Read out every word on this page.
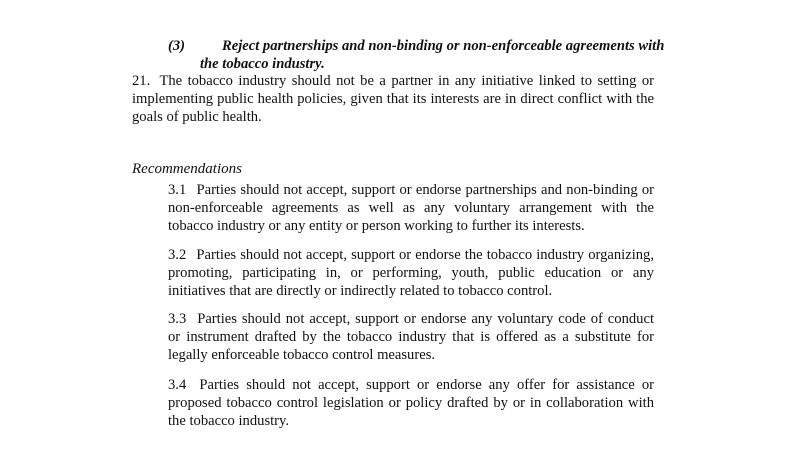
(3)	Reject partnerships and non-binding or non-enforceable agreements with
the tobacco industry.
21. The tobacco industry should not be a partner in any initiative linked to setting or implementing public health policies, given that its interests are in direct conflict with the goals of public health.
Recommendations
3.1 Parties should not accept, support or endorse partnerships and non-binding or non-enforceable agreements as well as any voluntary arrangement with the tobacco industry or any entity or person working to further its interests.
3.2 Parties should not accept, support or endorse the tobacco industry organizing, promoting, participating in, or performing, youth, public education or any initiatives that are directly or indirectly related to tobacco control.
3.3 Parties should not accept, support or endorse any voluntary code of conduct or instrument drafted by the tobacco industry that is offered as a substitute for legally enforceable tobacco control measures.
3.4 Parties should not accept, support or endorse any offer for assistance or proposed tobacco control legislation or policy drafted by or in collaboration with the tobacco industry.
